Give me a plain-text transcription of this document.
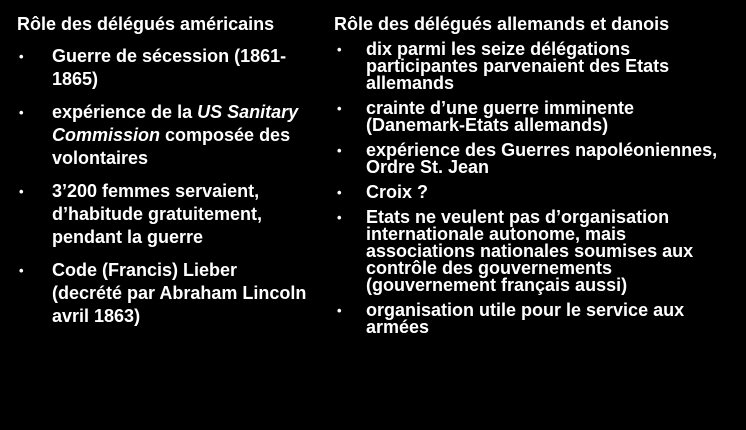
Rôle des délégués américains
• Guerre de sécession (1861-1865)
• expérience de la US Sanitary Commission composée des volontaires
• 3’200 femmes servaient, d’habitude gratuitement, pendant la guerre
• Code (Francis) Lieber (decrété par Abraham Lincoln avril 1863)
Rôle des délégués allemands et danois
• dix parmi les seize délégations participantes parvenaient des Etats allemands
• crainte d’une guerre imminente (Danemark-Etats allemands)
• expérience des Guerres napoléoniennes, Ordre St. Jean
• Croix ?
• Etats ne veulent pas d’organisation internationale autonome, mais associations nationales soumises aux contrôle des gouvernements (gouvernement français aussi)
• organisation utile pour le service aux armées
